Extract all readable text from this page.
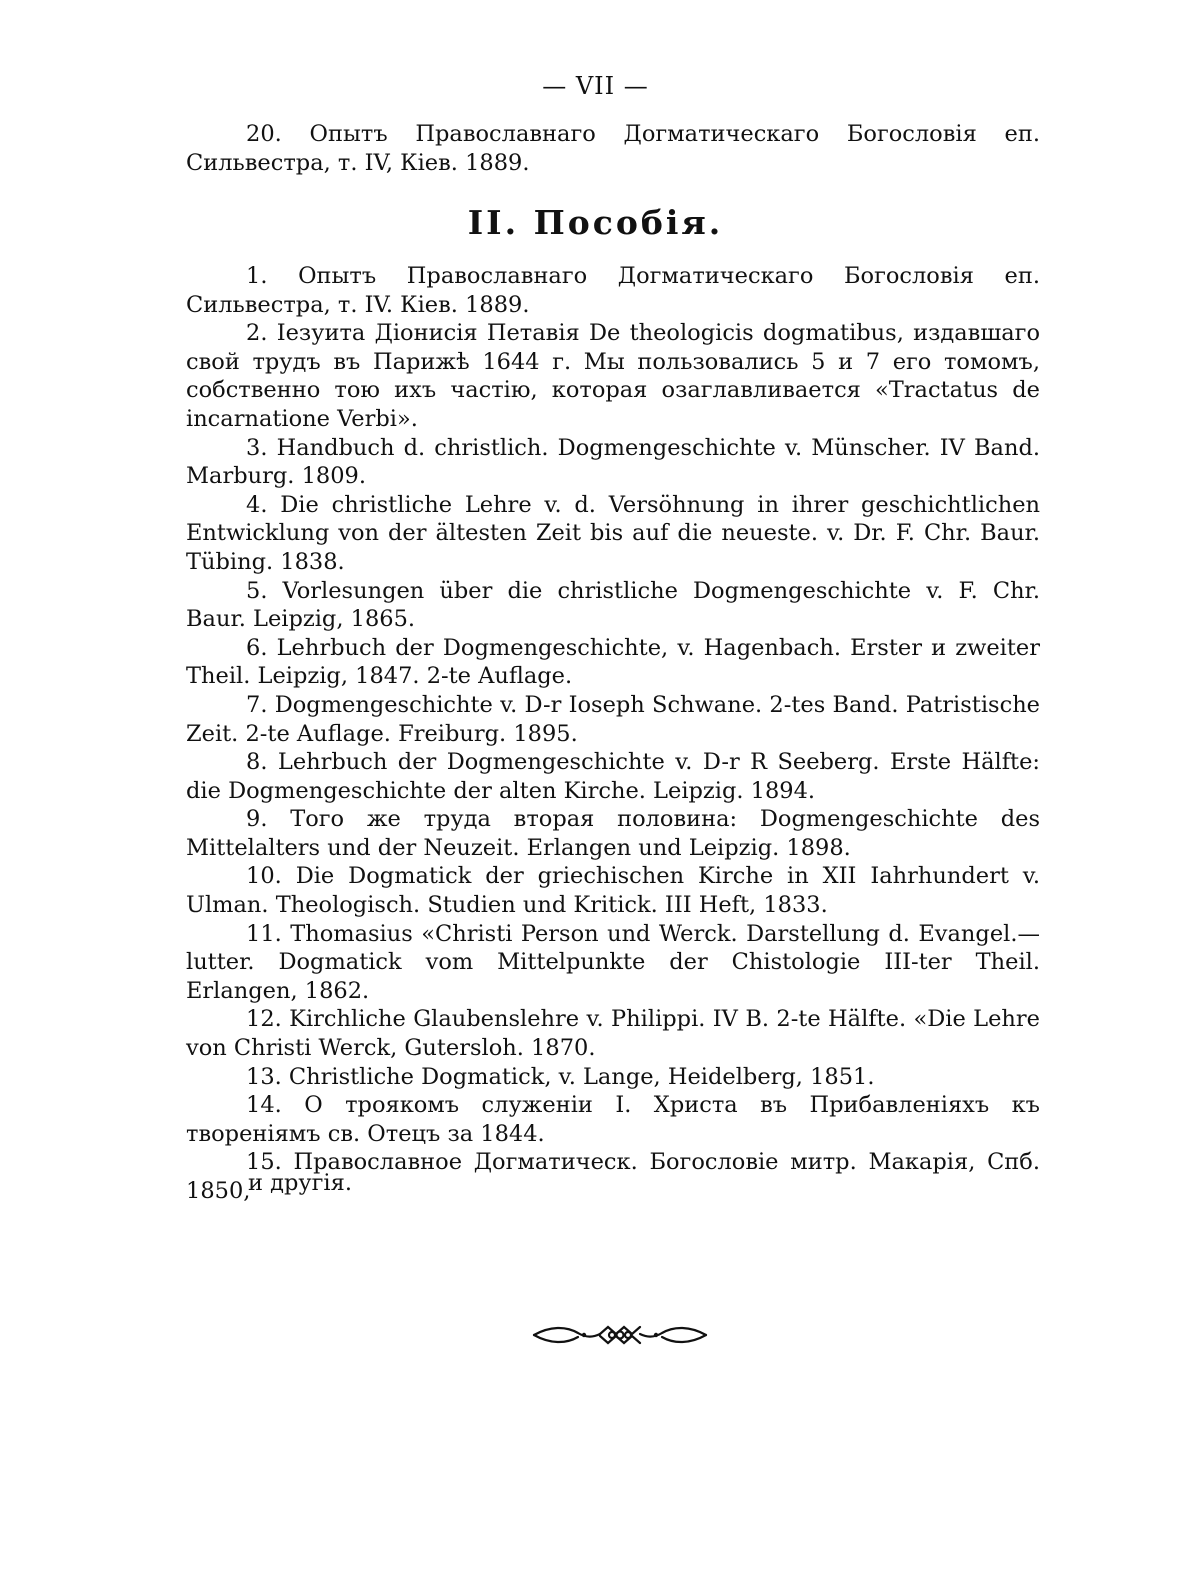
— VII —

20. Опытъ Православнаго Догматическаго Богословія еп. Сильвестра, т. IV, Кіев. 1889.

II. Пособія.

1. Опытъ Православнаго Догматическаго Богословія еп. Сильвестра, т. IV. Кіев. 1889.

2. Іезуита Діонисія Петавія De theologicis dogmatibus, издавшаго свой трудъ въ Парижѣ 1644 г. Мы пользовались 5 и 7 его томомъ, собственно тою ихъ частію, которая озаглавливается «Tractatus de incarnatione Verbi».

3. Handbuch d. christlich. Dogmengeschichte v. Münscher. IV Band. Marburg. 1809.

4. Die christliche Lehre v. d. Versöhnung in ihrer geschichtlichen Entwicklung von der ältesten Zeit bis auf die neueste. v. Dr. F. Chr. Baur. Tübing. 1838.

5. Vorlesungen über die christliche Dogmengeschichte v. F. Chr. Baur. Leipzig, 1865.

6. Lehrbuch der Dogmengeschichte, v. Hagenbach. Erster и zweiter Theil. Leipzig, 1847. 2-te Auflage.

7. Dogmengeschichte v. D-r Ioseph Schwane. 2-tes Band. Patristische Zeit. 2-te Auflage. Freiburg. 1895.

8. Lehrbuch der Dogmengeschichte v. D-r R Seeberg. Erste Hälfte: die Dogmengeschichte der alten Kirche. Leipzig. 1894.

9. Того же труда вторая половина: Dogmengeschichte des Mittelalters und der Neuzeit. Erlangen und Leipzig. 1898.

10. Die Dogmatick der griechischen Kirche in XII Iahrhundert v. Ulman. Theologisch. Studien und Kritick. III Heft, 1833.

11. Thomasius «Christi Person und Werck. Darstellung d. Evangel.—lutter. Dogmatick vom Mittelpunkte der Chistologie III-ter Theil. Erlangen, 1862.

12. Kirchliche Glaubenslehre v. Philippi. IV B. 2-te Hälfte. «Die Lehre von Christi Werck, Gutersloh. 1870.

13. Christliche Dogmatick, v. Lange, Heidelberg, 1851.

14. О троякомъ служеніи I. Христа въ Прибавленіяхъ къ твореніямъ св. Отецъ за 1844.

15. Православное Догматическ. Богословіе митр. Макарія, Спб. 1850,

и другія.
